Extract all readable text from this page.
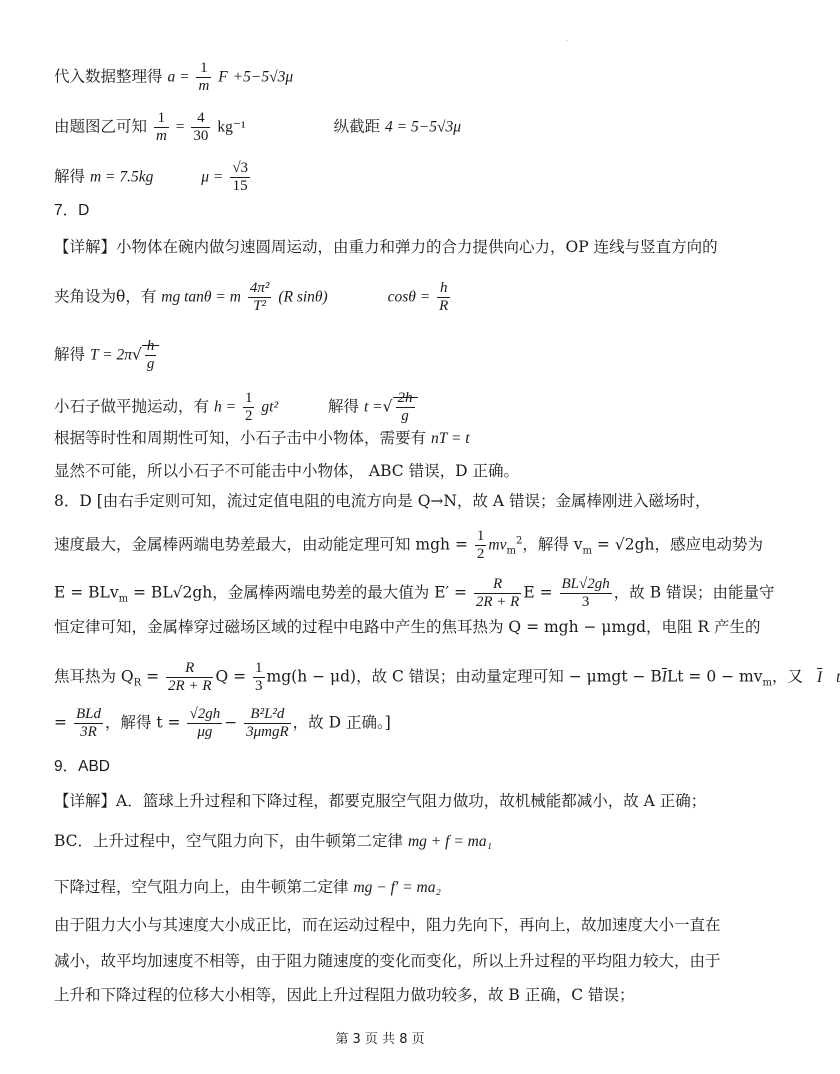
·
代入数据整理得 $a = \frac{1}{m}$ F +5−5√3μ
由题图乙可知 $\frac{1}{m} = \frac{4}{30} kg^{-1}$	纵截距 4 = 5−5√3μ
解得 m = 7.5kg	$\mu = \frac{√3}{15}$
7．D
【详解】小物体在碗内做匀速圆周运动，由重力和弹力的合力提供向心力，OP 连线与竖直方向的
夹角设为θ，有 mg tanθ = m $\frac{\text{4π²}}{\text{T²}} (R$ sinθ)	$\cos\theta = \frac{h}{R}$
解得 $T = 2\pi√ \frac{h}{g}$
小石子做平抛运动，有 $h = \frac{1}{2} gt^2$	解得 t =√ $\frac{2h}{g}$
根据等时性和周期性可知，小石子击中小物体，需要有 nT = t
显然不可能，所以小石子不可能击中小物体， ABC 错误，D 正确。
8．D [由右手定则可知，流过定值电阻的电流方向是 Q→N，故 A 错误；金属棒刚进入磁场时，
速度最大，金属棒两端电势差最大，由动能定理可知 mgh = $\frac{1}{2} mv_m^2$，解得 $v_m = √2gh$，感应电动势为
E = BLv$_m$ = BL√2gh，金属棒两端电势差的最大值为 $E' = \frac{R}{2R + R}$ $E = \frac{BL√2gh}{3}$ ，故 B 错误；由能量守
恒定律可知，金属棒穿过磁场区域的过程中电路中产生的焦耳热为 Q = mgh − μmgd，电阻 R 产生的
焦耳热为 $Q_R = \frac{R}{2R + R}$ $Q = \frac{1}{3} mg(h - \mu d)$，故 C 错误；由动量定理可知 − $\mu mgt - B\overline{I}Lt = 0 - mv_m$，又 $\overline{I}$
= $\frac{\text{BLd}}{3R}$ ，解得 $t = \frac{√2gh}{\mu g} - \frac{\text{B²L²d}}{\text{3μmgR}}$ ，故 D 正确。]
9．ABD
【详解】A．篮球上升过程和下降过程，都要克服空气阻力做功，故机械能都减小，故 A 正确；
BC．上升过程中，空气阻力向下，由牛顿第二定律 mg + f = ma₁
下降过程，空气阻力向上，由牛顿第二定律 mg − f′ = ma₂
由于阻力大小与其速度大小成正比，而在运动过程中，阻力先向下，再向上，故加速度大小一直在
减小，故平均加速度不相等，由于阻力随速度的变化而变化，所以上升过程的平均阻力较大，由于
上升和下降过程的位移大小相等，因此上升过程阻力做功较多，故 B 正确，C 错误；
第 3 页 共 8 页
